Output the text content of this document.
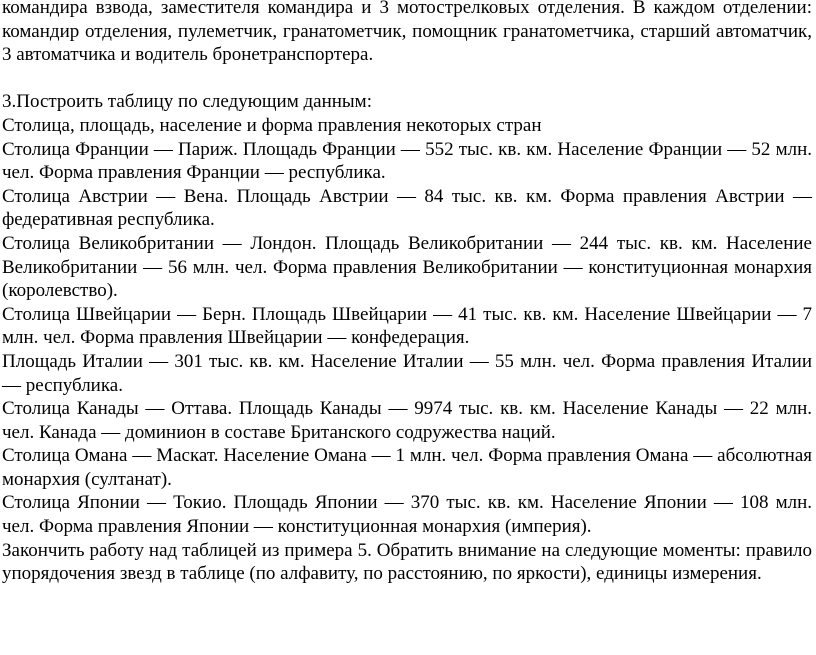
командира взвода, заместителя командира и 3 мотострелковых отделения. В каждом отделении: командир отделения, пулеметчик, гранатометчик, помощник гранатометчика, старший автоматчик, 3 автоматчика и водитель бронетранспортера.

3.Построить таблицу по следующим данным:

Столица, площадь, население и форма правления некоторых стран

Столица Франции — Париж. Площадь Франции — 552 тыс. кв. км. Население Франции — 52 млн. чел. Форма правления Франции — республика.

Столица Австрии — Вена. Площадь Австрии — 84 тыс. кв. км. Форма правления Австрии — федеративная республика.

Столица Великобритании — Лондон. Площадь Великобритании — 244 тыс. кв. км. Население Великобритании — 56 млн. чел. Форма правления Великобритании — конституционная монархия (королевство).

Столица Швейцарии — Берн. Площадь Швейцарии — 41 тыс. кв. км. Население Швейцарии — 7 млн. чел. Форма правления Швейцарии — конфедерация.

Площадь Италии — 301 тыс. кв. км. Население Италии — 55 млн. чел. Форма правления Италии — республика.

Столица Канады — Оттава. Площадь Канады — 9974 тыс. кв. км. Население Канады — 22 млн. чел. Канада — доминион в составе Британского содружества наций.

Столица Омана — Маскат. Население Омана — 1 млн. чел. Форма правления Омана — абсолютная монархия (султанат).

Столица Японии — Токио. Площадь Японии — 370 тыс. кв. км. Население Японии — 108 млн. чел. Форма правления Японии — конституционная монархия (империя).

Закончить работу над таблицей из примера 5. Обратить внимание на следующие моменты: правило упорядочения звезд в таблице (по алфавиту, по расстоянию, по яркости), единицы измерения.
